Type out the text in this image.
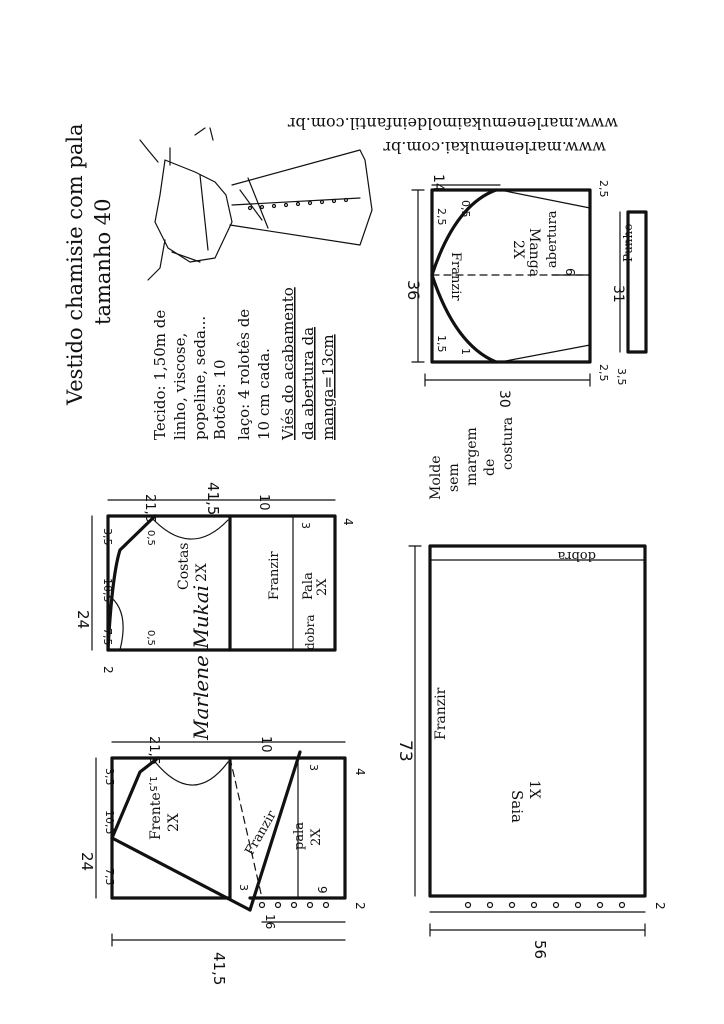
Vestido chamisie com pala tamanho 40
www.marlenemukai.com.br
www.marlenemukaimoldeinfantil.com.br
Tecido: 1,50m de linho, viscose, popeline, seda... Botões: 10 laço: 4 rolotês de 10 cm cada. Viés do acabamento da abertura da manga=13cm
Manga
2X
Franzir
abertura
30
36
14
2,5 0,5
2,5
2,5
1,5 1
6
Punho
31
3,5
Molde sem margem de costura
Costas 2X	Franzir Pala 2X
dobra
41,5
21,5	10
24
7,5
10,5
3,5	0,5
0,5
2
3 4
Marlene Mukai
Frente 2X	Franzir pala 2X
21,5	10
24
7,5
10,5
3,5	1,5
3
4
16
9
3
2
41,5
Saia
1X
Franzir
dobra
73
2
56
